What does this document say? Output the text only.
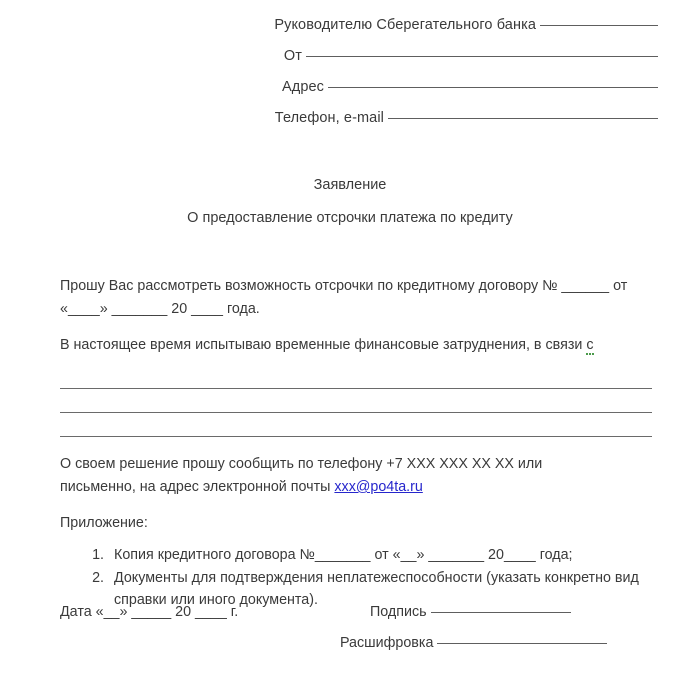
Руководителю Сберегательного банка
От
Адрес
Телефон, e-mail
Заявление
О предоставление отсрочки платежа по кредиту

Прошу Вас рассмотреть возможность отсрочки по кредитному договору № ______ от «____» _______ 20 ____ года.

В настоящее время испытываю временные финансовые затруднения, в связи с

О своем решение прошу сообщить по телефону +7 ХХХ ХХХ ХХ ХХ или
письменно, на адрес электронной почты xxx@po4ta.ru

Приложение:

1. Копия кредитного договора №_______ от «__» _______ 20____ года;
2. Документы для подтверждения неплатежеспособности (указать конкретно вид справки или иного документа).
Дата «__» _____ 20 ____ г.	Подпись
Расшифровка
